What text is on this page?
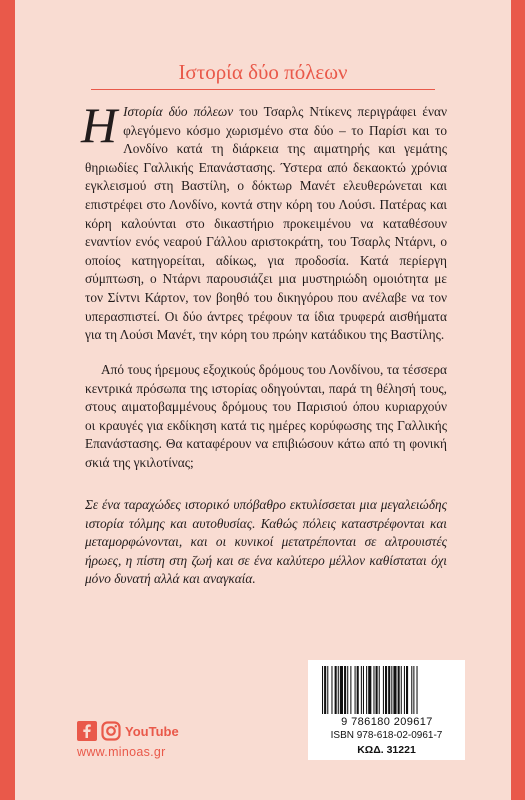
Ιστορία δύο πόλεων
Η Ιστορία δύο πόλεων του Τσαρλς Ντίκενς περιγράφει έναν φλεγόμενο κόσμο χωρισμένο στα δύο – το Παρίσι και το Λονδίνο κατά τη διάρκεια της αιματηρής και γεμάτης θηριωδίες Γαλλικής Επανάστασης. Ύστερα από δεκαοκτώ χρόνια εγκλεισμού στη Βαστίλη, ο δόκτωρ Μανέτ ελευθερώνεται και επιστρέφει στο Λονδίνο, κοντά στην κόρη του Λούσι. Πατέρας και κόρη καλούνται στο δικαστήριο προκειμένου να καταθέσουν εναντίον ενός νεαρού Γάλλου αριστοκράτη, του Τσαρλς Ντάρνι, ο οποίος κατηγορείται, αδίκως, για προδοσία. Κατά περίεργη σύμπτωση, ο Ντάρνι παρουσιάζει μια μυστηριώδη ομοιότητα με τον Σίντνι Κάρτον, τον βοηθό του δικηγόρου που ανέλαβε να τον υπερασπιστεί. Οι δύο άντρες τρέφουν τα ίδια τρυφερά αισθήματα για τη Λούσι Μανέτ, την κόρη του πρώην κατάδικου της Βαστίλης.
Από τους ήρεμους εξοχικούς δρόμους του Λονδίνου, τα τέσσερα κεντρικά πρόσωπα της ιστορίας οδηγούνται, παρά τη θέλησή τους, στους αιματοβαμμένους δρόμους του Παρισιού όπου κυριαρχούν οι κραυγές για εκδίκηση κατά τις ημέρες κορύφωσης της Γαλλικής Επανάστασης. Θα καταφέρουν να επιβιώσουν κάτω από τη φονική σκιά της γκιλοτίνας;
Σε ένα ταραχώδες ιστορικό υπόβαθρο εκτυλίσσεται μια μεγαλειώδης ιστορία τόλμης και αυτοθυσίας. Καθώς πόλεις καταστρέφονται και μεταμορφώνονται, και οι κυνικοί μετατρέπονται σε αλτρουιστές ήρωες, η πίστη στη ζωή και σε ένα καλύτερο μέλλον καθίσταται όχι μόνο δυνατή αλλά και αναγκαία.
9 786180 209617
ISBN 978-618-02-0961-7
ΚΩΔ. 31221
YouTube
www.minoas.gr
